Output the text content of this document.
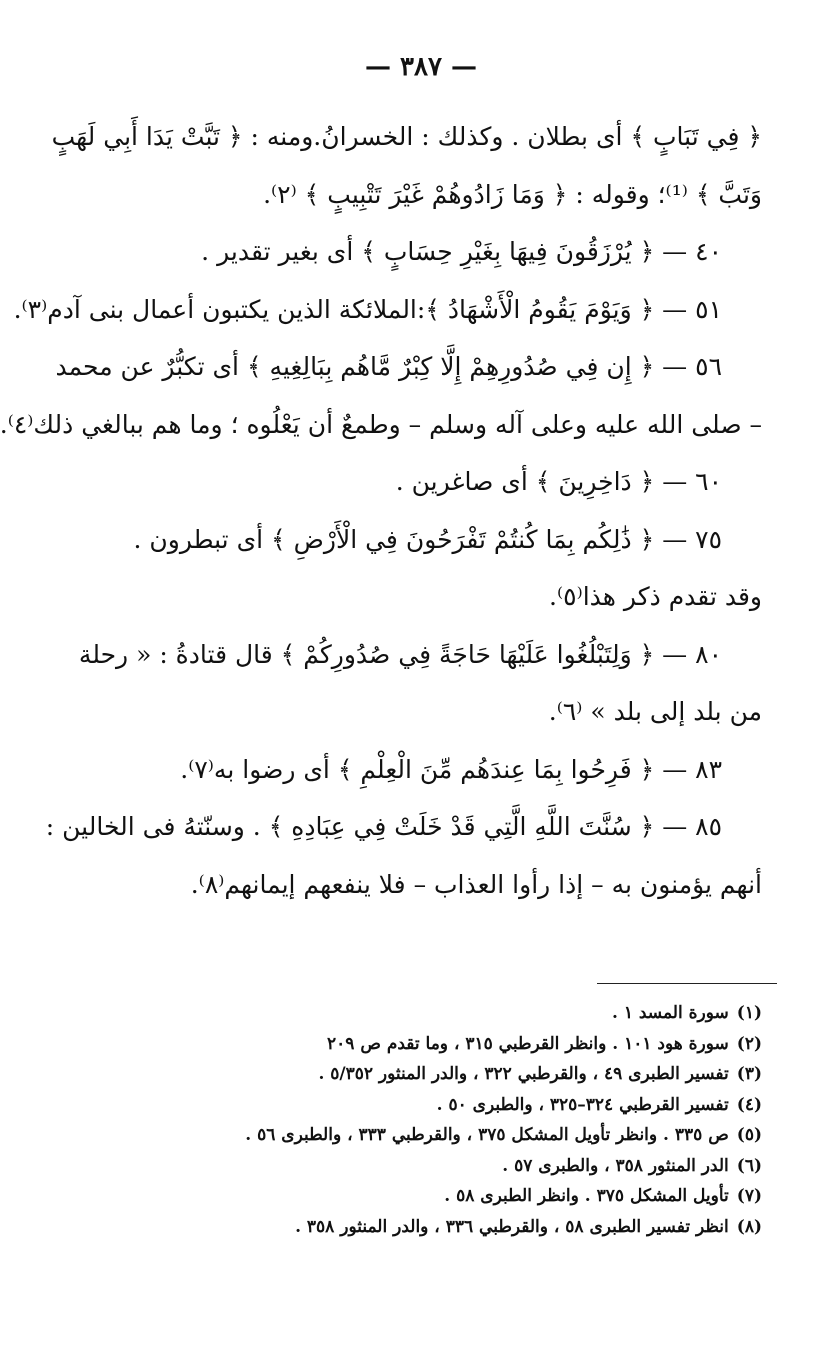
— ٣٨٧ —
﴿ فِي تَبَابٍ ﴾ أى بطلان . وكذلك : الخسرانُ.ومنه : ﴿ تَبَّتْ يَدَا أَبِي لَهَبٍ
وَتَبَّ ﴾ ⁽¹⁾؛ وقوله : ﴿ وَمَا زَادُوهُمْ غَيْرَ تَتْبِيبٍ ﴾ ⁽٢⁾.
٤٠ — ﴿ يُرْزَقُونَ فِيهَا بِغَيْرِ حِسَابٍ ﴾ أى بغير تقدير .
٥١ — ﴿ وَيَوْمَ يَقُومُ الْأَشْهَادُ ﴾:الملائكة الذين يكتبون أعمال بنى آدم⁽٣⁾.
٥٦ — ﴿ إِن فِي صُدُورِهِمْ إِلَّا كِبْرٌ مَّاهُم بِبَالِغِيهِ ﴾ أى تكبُّرٌ عن محمد
– صلى الله عليه وعلى آله وسلم – وطمعٌ أن يَعْلُوه ؛ وما هم ببالغي ذلك⁽٤⁾.
٦٠ — ﴿ دَاخِرِينَ ﴾ أى صاغرين .
٧٥ — ﴿ ذَٰلِكُم بِمَا كُنتُمْ تَفْرَحُونَ فِي الْأَرْضِ ﴾ أى تبطرون .
وقد تقدم ذكر هذا⁽٥⁾.
٨٠ — ﴿ وَلِتَبْلُغُوا عَلَيْهَا حَاجَةً فِي صُدُورِكُمْ ﴾ قال قتادةُ : « رحلة
من بلد إلى بلد » ⁽٦⁾.
٨٣ — ﴿ فَرِحُوا بِمَا عِندَهُم مِّنَ الْعِلْمِ ﴾ أى رضوا به⁽٧⁾.
٨٥ — ﴿ سُنَّتَ اللَّهِ الَّتِي قَدْ خَلَتْ فِي عِبَادِهِ ﴾ . وسنّتهُ فى الخالين :
أنهم يؤمنون به – إذا رأوا العذاب – فلا ينفعهم إيمانهم⁽٨⁾.
(١)سورة المسد ١ .
(٢)سورة هود ١٠١ . وانظر القرطبي ٣١٥ ، وما تقدم ص ٢٠٩
(٣)تفسير الطبرى ٤٩ ، والقرطبي ٣٢٢ ، والدر المنثور ٥/٣٥٢ .
(٤)تفسير القرطبي ٣٢٤–٣٢٥ ، والطبرى ٥٠ .
(٥)ص ٣٣٥ . وانظر تأويل المشكل ٣٧٥ ، والقرطبي ٣٣٣ ، والطبرى ٥٦ .
(٦)الدر المنثور ٣٥٨ ، والطبرى ٥٧ .
(٧)تأويل المشكل ٣٧٥ . وانظر الطبرى ٥٨ .
(٨)انظر تفسير الطبرى ٥٨ ، والقرطبي ٣٣٦ ، والدر المنثور ٣٥٨ .
